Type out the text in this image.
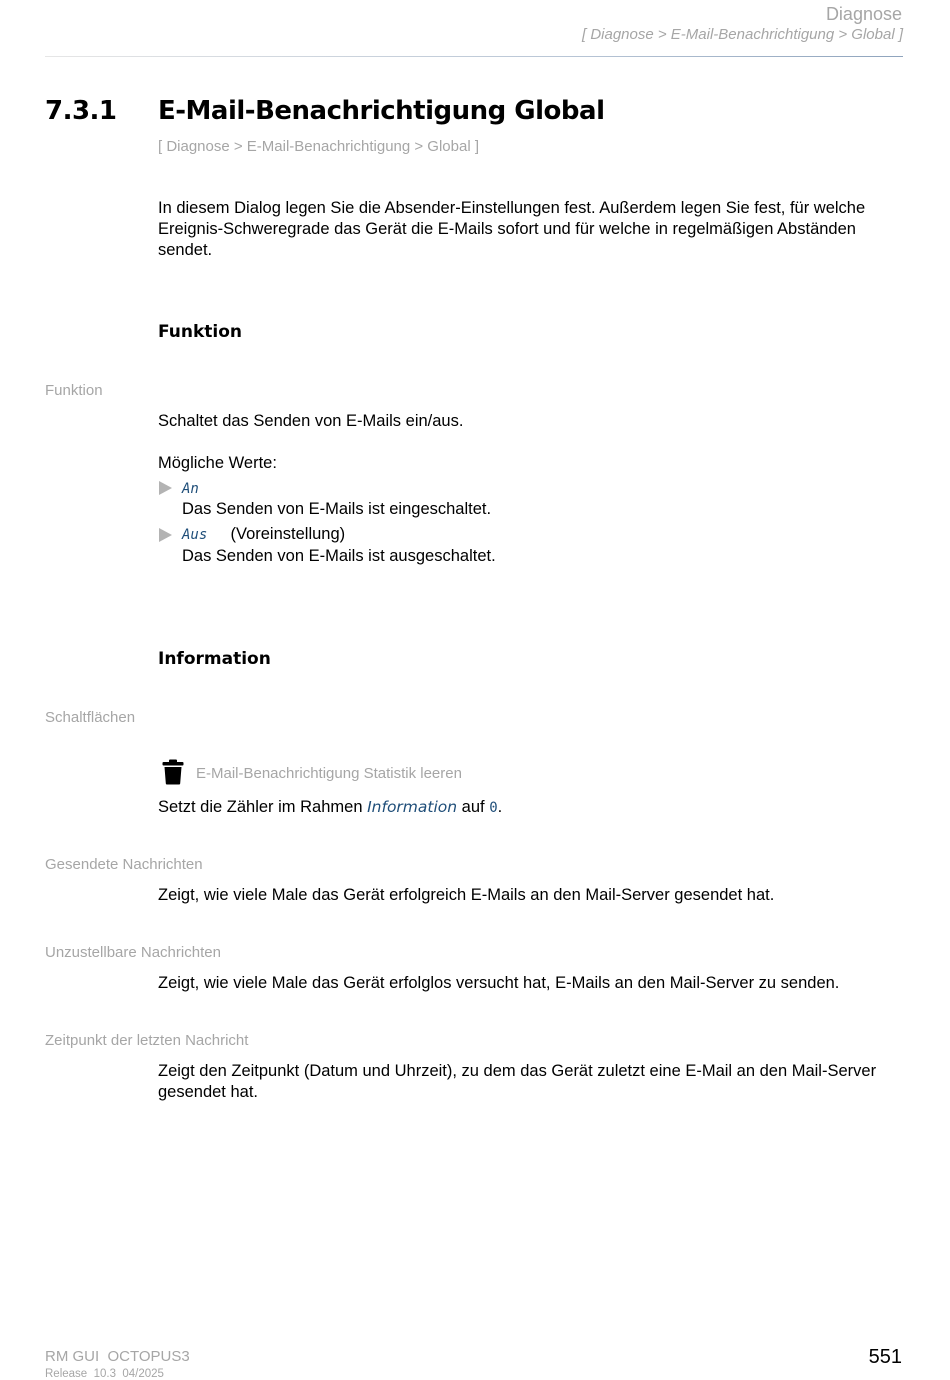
Diagnose
[ Diagnose > E-Mail-Benachrichtigung > Global ]
7.3.1 E-Mail-Benachrichtigung Global
[ Diagnose > E-Mail-Benachrichtigung > Global ]
In diesem Dialog legen Sie die Absender-Einstellungen fest. Außerdem legen Sie fest, für welche Ereignis-Schweregrade das Gerät die E-Mails sofort und für welche in regelmäßigen Abständen sendet.
Funktion
Funktion
Schaltet das Senden von E-Mails ein/aus.
Mögliche Werte:
An
Das Senden von E-Mails ist eingeschaltet.
Aus (Voreinstellung)
Das Senden von E-Mails ist ausgeschaltet.
Information
Schaltflächen
E-Mail-Benachrichtigung Statistik leeren
Setzt die Zähler im Rahmen Information auf 0.
Gesendete Nachrichten
Zeigt, wie viele Male das Gerät erfolgreich E-Mails an den Mail-Server gesendet hat.
Unzustellbare Nachrichten
Zeigt, wie viele Male das Gerät erfolglos versucht hat, E-Mails an den Mail-Server zu senden.
Zeitpunkt der letzten Nachricht
Zeigt den Zeitpunkt (Datum und Uhrzeit), zu dem das Gerät zuletzt eine E-Mail an den Mail-Server gesendet hat.
RM GUI  OCTOPUS3
Release  10.3  04/2025
551
